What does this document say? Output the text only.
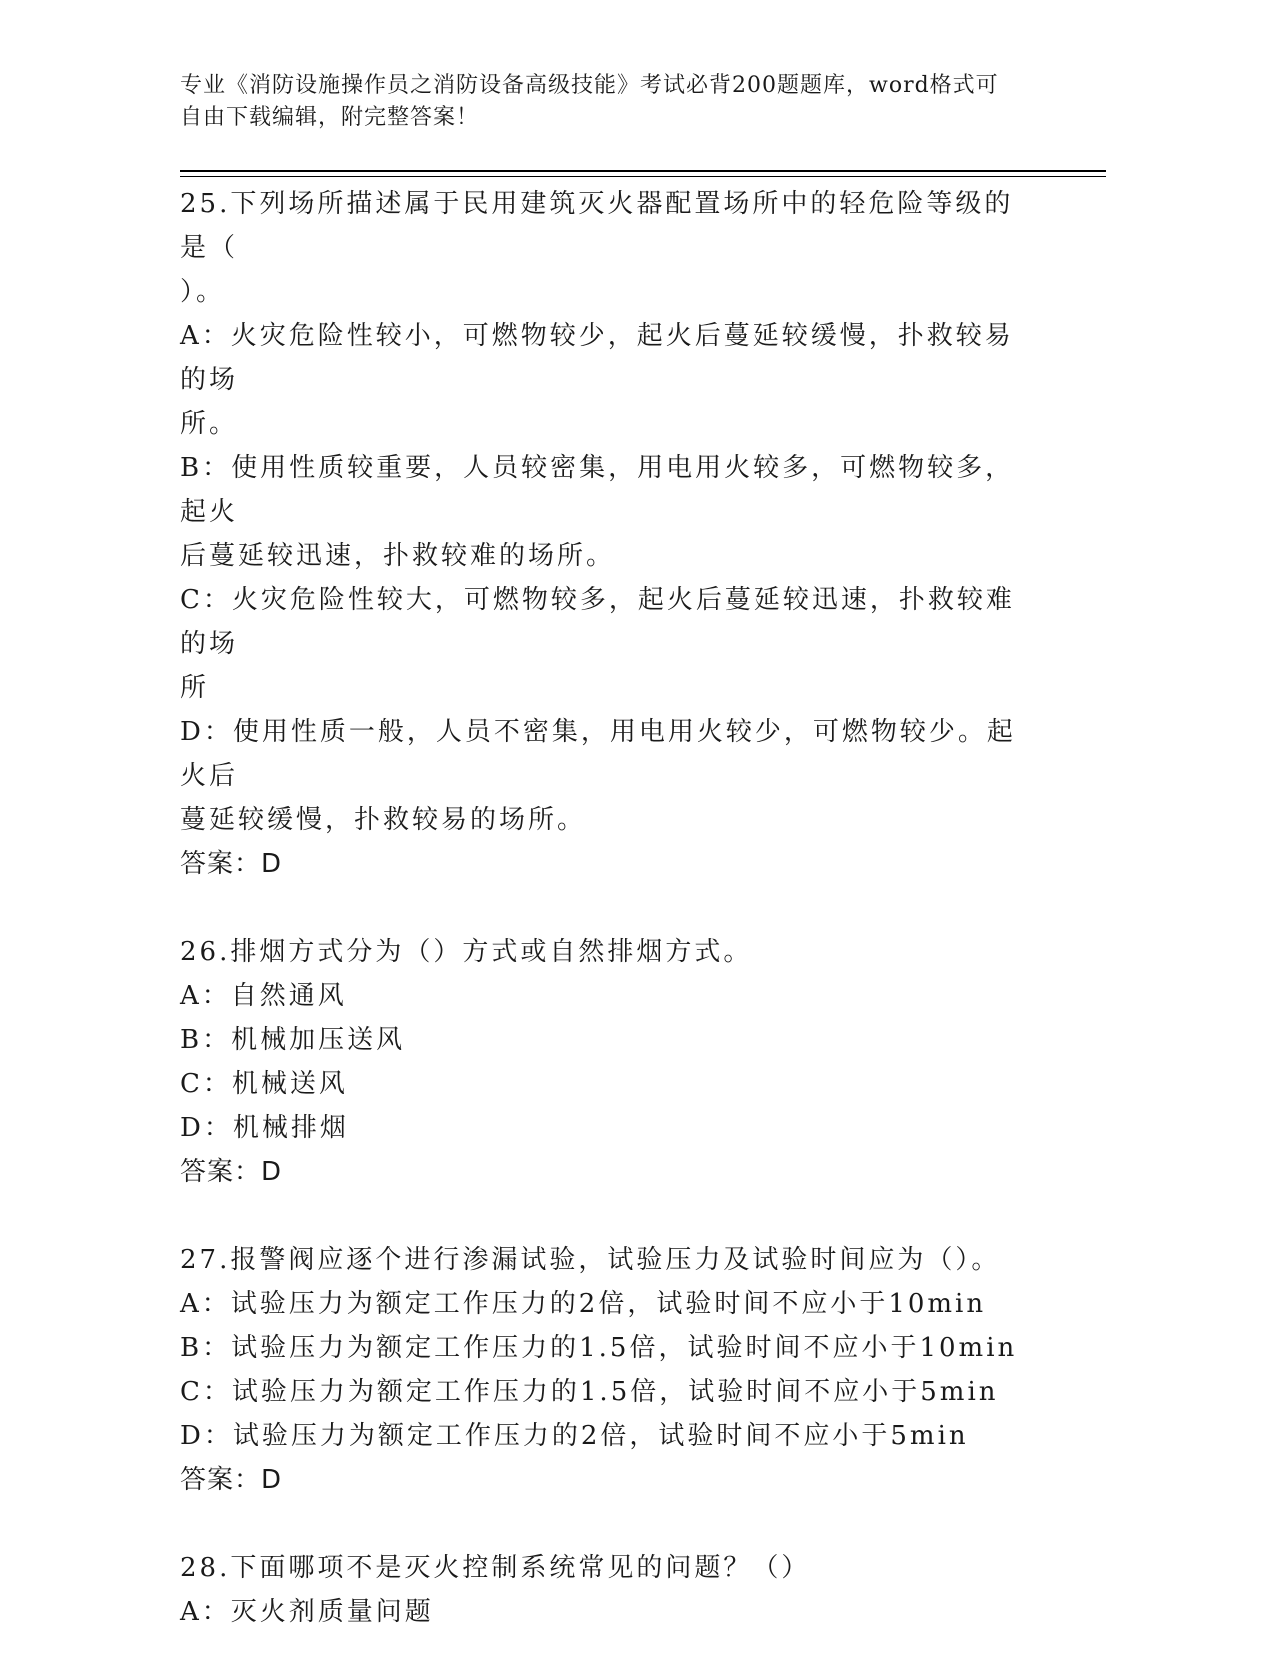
专业《消防设施操作员之消防设备高级技能》考试必背200题题库，word格式可
自由下载编辑，附完整答案！

25.下列场所描述属于民用建筑灭火器配置场所中的轻危险等级的是（

）。

A：火灾危险性较小，可燃物较少，起火后蔓延较缓慢，扑救较易的场

所。

B：使用性质较重要，人员较密集，用电用火较多，可燃物较多，起火

后蔓延较迅速，扑救较难的场所。

C：火灾危险性较大，可燃物较多，起火后蔓延较迅速，扑救较难的场

所

D：使用性质一般，人员不密集，用电用火较少，可燃物较少。起火后

蔓延较缓慢，扑救较易的场所。

答案：D

26.排烟方式分为（）方式或自然排烟方式。

A：自然通风

B：机械加压送风

C：机械送风

D：机械排烟

答案：D

27.报警阀应逐个进行渗漏试验，试验压力及试验时间应为（）。

A：试验压力为额定工作压力的2倍，试验时间不应小于10min

B：试验压力为额定工作压力的1.5倍，试验时间不应小于10min

C：试验压力为额定工作压力的1.5倍，试验时间不应小于5min

D：试验压力为额定工作压力的2倍，试验时间不应小于5min

答案：D

28.下面哪项不是灭火控制系统常见的问题？（）

A：灭火剂质量问题
